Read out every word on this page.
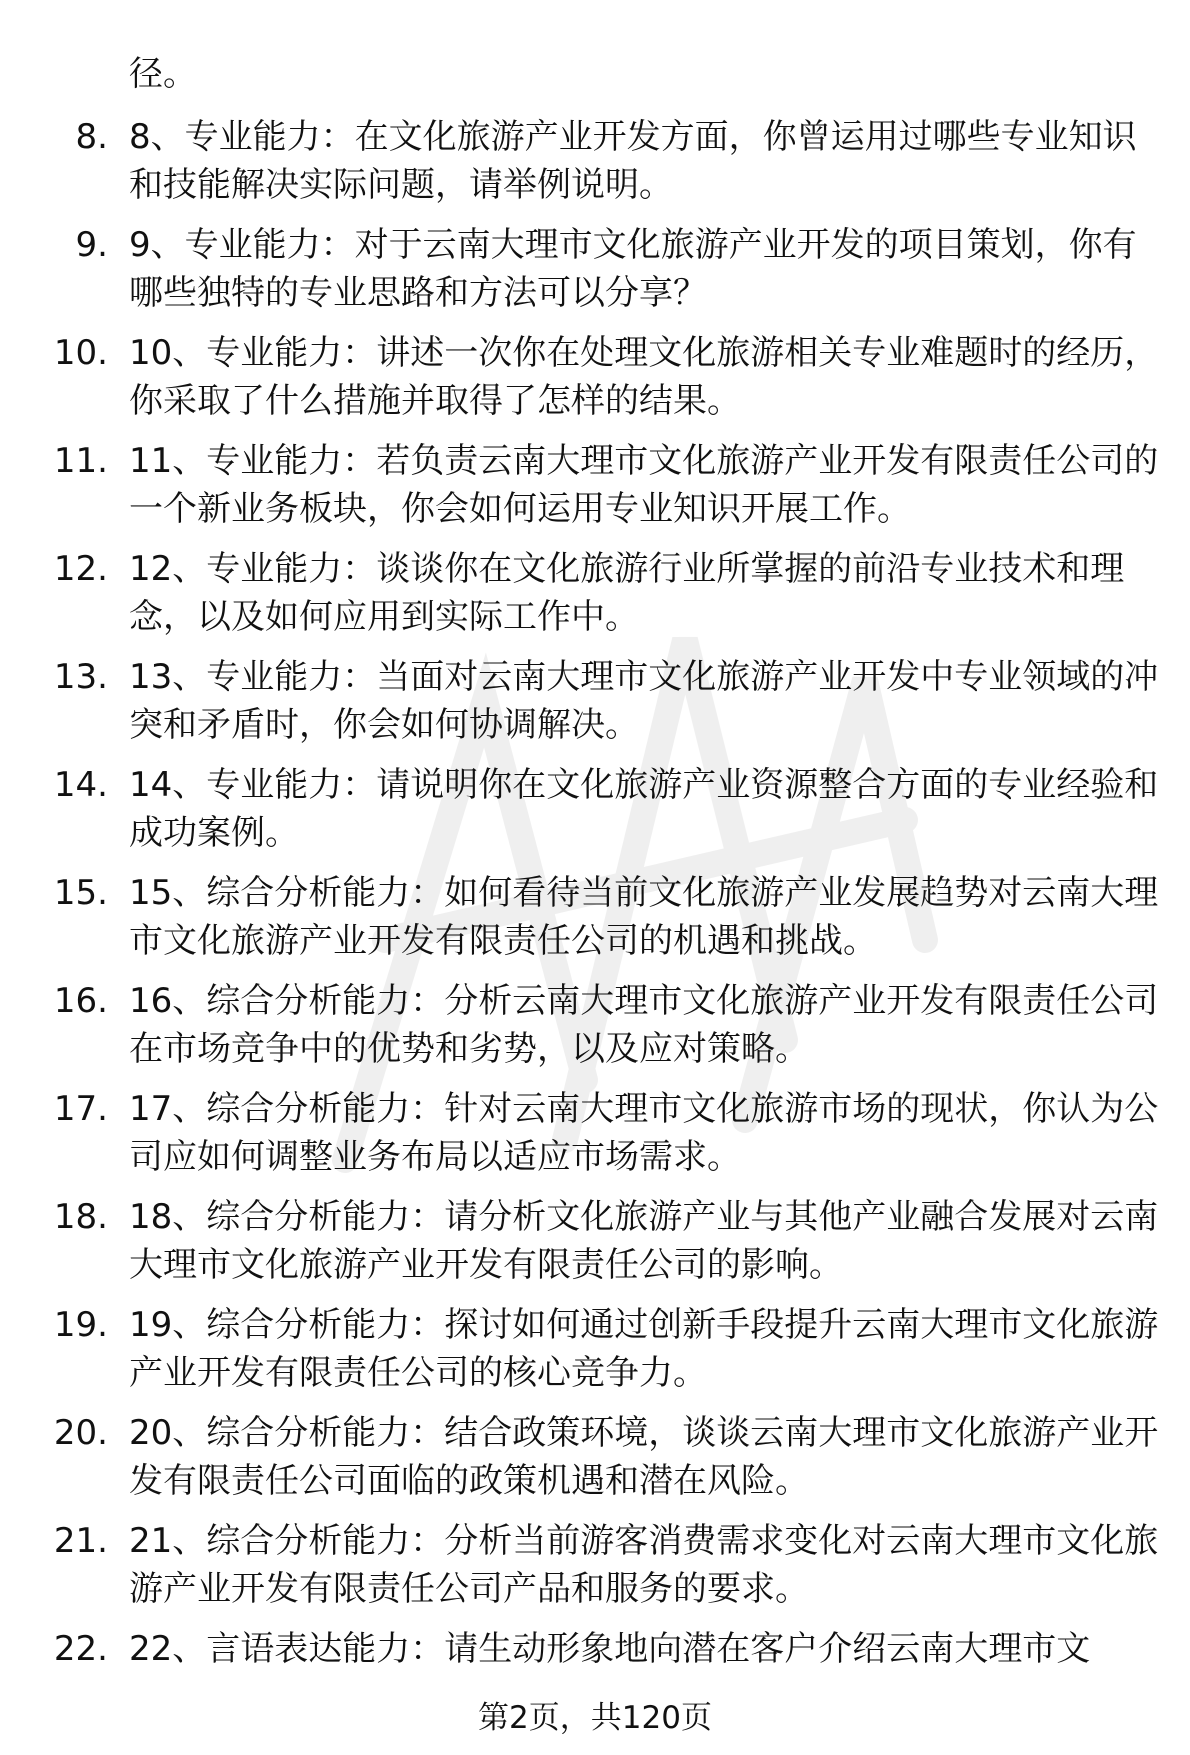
径。

8. 8、专业能力：在文化旅游产业开发方面，你曾运用过哪些专业知识和技能解决实际问题，请举例说明。

9. 9、专业能力：对于云南大理市文化旅游产业开发的项目策划，你有哪些独特的专业思路和方法可以分享？

10. 10、专业能力：讲述一次你在处理文化旅游相关专业难题时的经历，你采取了什么措施并取得了怎样的结果。

11. 11、专业能力：若负责云南大理市文化旅游产业开发有限责任公司的一个新业务板块，你会如何运用专业知识开展工作。

12. 12、专业能力：谈谈你在文化旅游行业所掌握的前沿专业技术和理念，以及如何应用到实际工作中。

13. 13、专业能力：当面对云南大理市文化旅游产业开发中专业领域的冲突和矛盾时，你会如何协调解决。

14. 14、专业能力：请说明你在文化旅游产业资源整合方面的专业经验和成功案例。

15. 15、综合分析能力：如何看待当前文化旅游产业发展趋势对云南大理市文化旅游产业开发有限责任公司的机遇和挑战。

16. 16、综合分析能力：分析云南大理市文化旅游产业开发有限责任公司在市场竞争中的优势和劣势，以及应对策略。

17. 17、综合分析能力：针对云南大理市文化旅游市场的现状，你认为公司应如何调整业务布局以适应市场需求。

18. 18、综合分析能力：请分析文化旅游产业与其他产业融合发展对云南大理市文化旅游产业开发有限责任公司的影响。

19. 19、综合分析能力：探讨如何通过创新手段提升云南大理市文化旅游产业开发有限责任公司的核心竞争力。

20. 20、综合分析能力：结合政策环境，谈谈云南大理市文化旅游产业开发有限责任公司面临的政策机遇和潜在风险。

21. 21、综合分析能力：分析当前游客消费需求变化对云南大理市文化旅游产业开发有限责任公司产品和服务的要求。

22. 22、言语表达能力：请生动形象地向潜在客户介绍云南大理市文

第2页，共120页
